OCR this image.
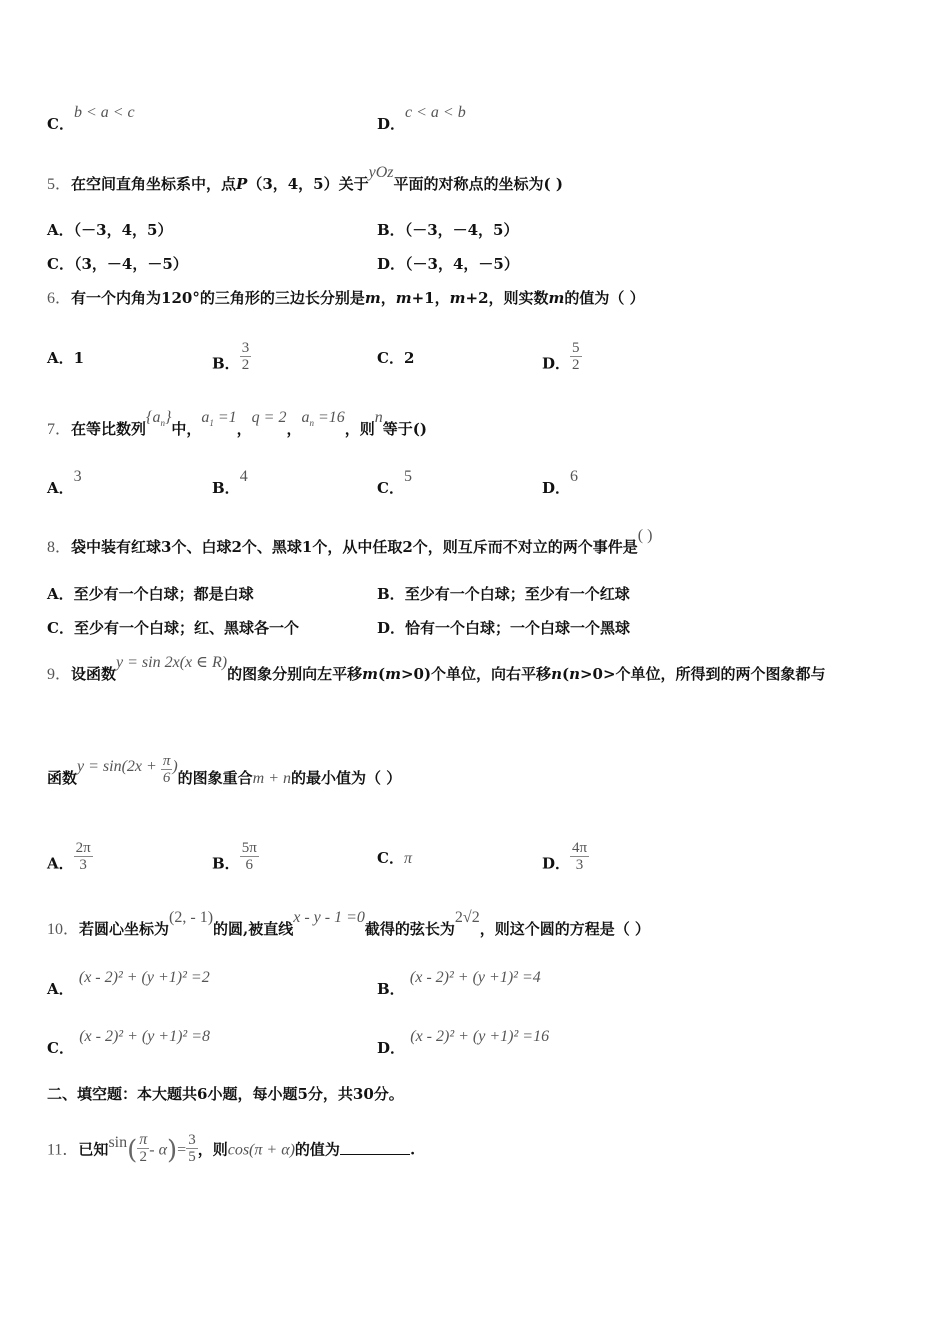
C．b < a < c
D．c < a < b
5．在空间直角坐标系中，点P（3，4，5）关于yOz平面的对称点的坐标为( )
A．（－3，4，5）	B．（－3，－4，5）
C．（3，－4，－5）	D．（－3，4，－5）
6．有一个内角为120°的三角形的三边长分别是m，m+1，m+2，则实数m的值为（ ）
A．1	B． $\frac{3}{2}$	C．2	D． $\frac{5}{2}$
7．在等比数列$\{a_n\}$中，$a_1 =1$，q = 2，$a_n =16$，则n等于()
A．3
B．4
C．5
D．6
8．袋中装有红球3个、白球2个、黑球1个，从中任取2个，则互斥而不对立的两个事件是( )
A．至少有一个白球；都是白球	B．至少有一个白球；至少有一个红球
C．至少有一个白球；红、黑球各一个	D．恰有一个白球；一个白球一个黑球
9．设函数y = sin 2x(x ∈ R)的图象分别向左平移m(m>0)个单位，向右平移n(n>0>个单位，所得到的两个图象都与
函数$y = \sin(2x + \frac{\pi}{6}$ )的图象重合m + n的最小值为（ ）
A． $\frac{2\pi}{3}$	B． $\frac{5\pi}{6}$	C．π	D． $\frac{4\pi}{3}$
10．若圆心坐标为(2, - 1)的圆,被直线x - y - 1 =0截得的弦长为2√2，则这个圆的方程是（ ）
A． (x - 2)² + (y +1)² =2
B． (x - 2)² + (y +1)² =4
C． (x - 2)² + (y +1)² =8
D． (x - 2)² + (y +1)² =16
二、填空题：本大题共6小题，每小题5分，共30分。
11．已知$\sin( \frac{\pi}{2} - \alpha)= \frac{3}{5}$ ，则cos(π + α)的值为	.
